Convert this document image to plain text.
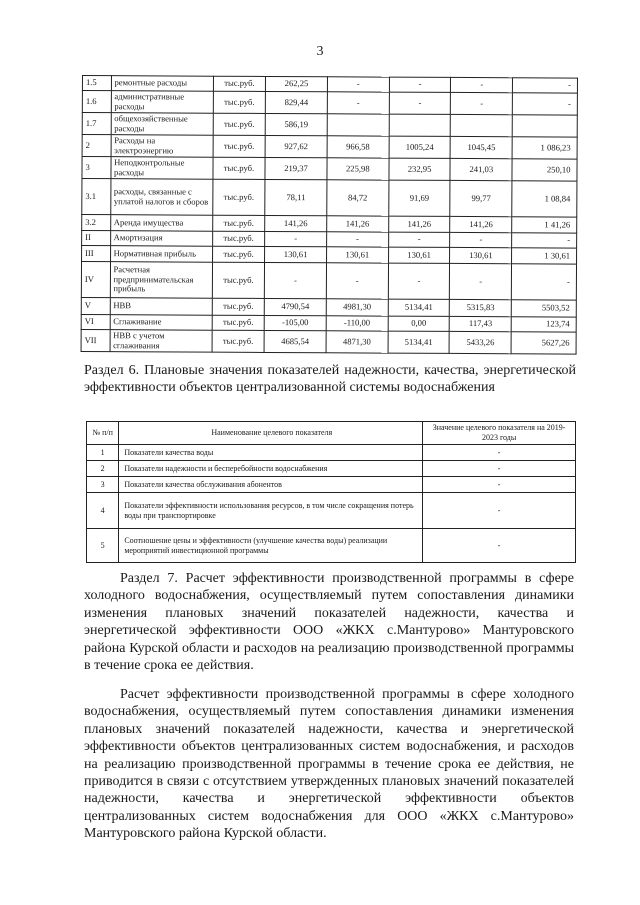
3
1.5	ремонтные расходы	тыс.руб.	262,25	-	-	-	-
1.6	административные расходы	тыс.руб.	829,44	-	-	-	-
1.7	общехозяйственные расходы	тыс.руб.	586,19				
2	Расходы на электроэнергию	тыс.руб.	927,62	966,58	1005,24	1045,45	1 086,23
3	Неподконтрольные расходы	тыс.руб.	219,37	225,98	232,95	241,03	250,10
3.1	расходы, связанные с уплатой налогов и сборов	тыс.руб.	78,11	84,72	91,69	99,77	1 08,84
3.2	Аренда имущества	тыс.руб.	141,26	141,26	141,26	141,26	1 41,26
II	Амортизация	тыс.руб.	-	-	-	-	-
III	Нормативная прибыль	тыс.руб.	130,61	130,61	130,61	130,61	1 30,61
IV	Расчетная предпринимательская прибыль	тыс.руб.	-	-	-	-	-
V	НВВ	тыс.руб.	4790,54	4981,30	5134,41	5315,83	5503,52
VI	Сглаживание	тыс.руб.	-105,00	-110,00	0,00	117,43	123,74
VII	НВВ с учетом сглаживания	тыс.руб.	4685,54	4871,30	5134,41	5433,26	5627,26
Раздел 6. Плановые значения показателей надежности, качества, энергетической эффективности объектов централизованной системы водоснабжения
№ п/п	Наименование целевого показателя	Значение целевого показателя на 2019-2023 годы
1	Показатели качества воды	-
2	Показатели надежности и бесперебойности водоснабжения	-
3	Показатели качества обслуживания абонентов	-
4	Показатели эффективности использования ресурсов, в том числе сокращения потерь воды при транспортировке	-
5	Соотношение цены и эффективности (улучшение качества воды) реализации мероприятий инвестиционной программы	-

Раздел 7. Расчет эффективности производственной программы в сфере холодного водоснабжения, осуществляемый путем сопоставления динамики изменения плановых значений показателей надежности, качества и энергетической эффективности ООО «ЖКХ с.Мантурово» Мантуровского района Курской области и расходов на реализацию производственной программы в течение срока ее действия.

Расчет эффективности производственной программы в сфере холодного водоснабжения, осуществляемый путем сопоставления динамики изменения плановых значений показателей надежности, качества и энергетической эффективности объектов централизованных систем водоснабжения, и расходов на реализацию производственной программы в течение срока ее действия, не приводится в связи с отсутствием утвержденных плановых значений показателей надежности, качества и энергетической эффективности объектов централизованных систем водоснабжения для ООО «ЖКХ с.Мантурово» Мантуровского района Курской области.
